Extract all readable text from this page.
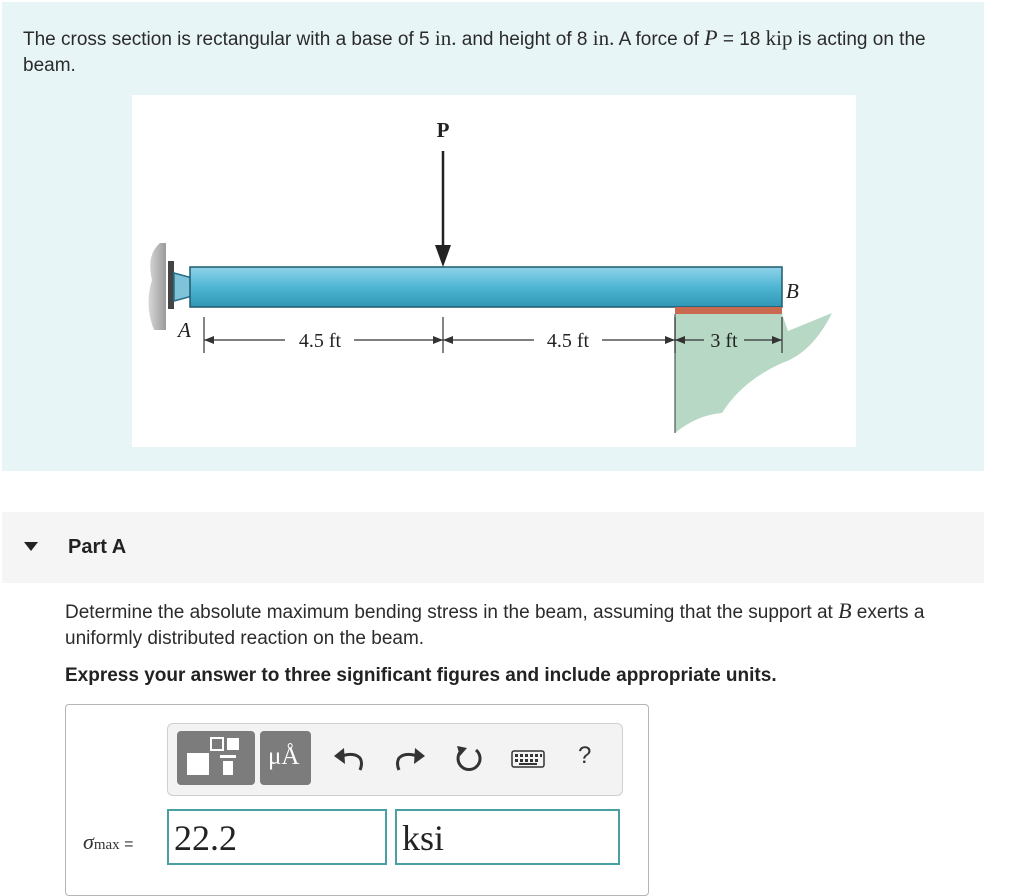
The cross section is rectangular with a base of 5 in. and height of 8 in. A force of P = 18 kip is acting on the beam.
P
A
B
4.5 ft	4.5 ft	3 ft
Part A
Determine the absolute maximum bending stress in the beam, assuming that the support at B exerts a uniformly distributed reaction on the beam.
Express your answer to three significant figures and include appropriate units.
μÅ	?
σmax = 22.2	ksi
